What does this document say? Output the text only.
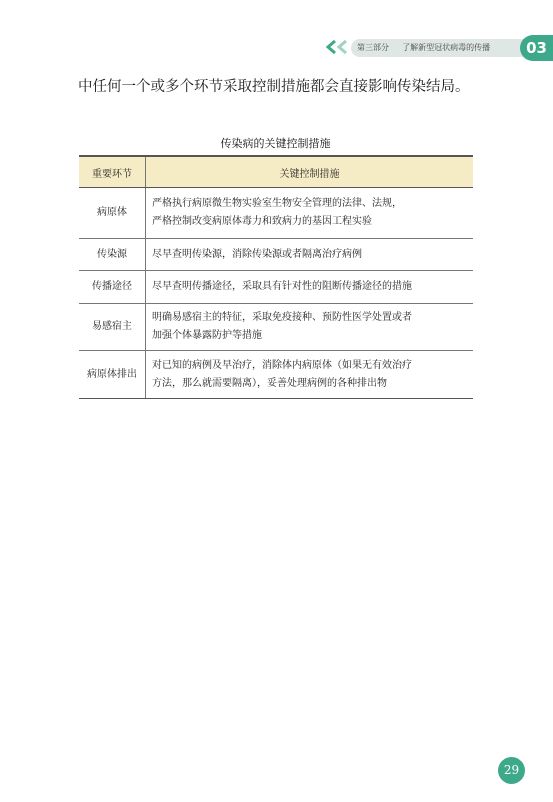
第三部分 了解新型冠状病毒的传播	03
中任何一个或多个环节采取控制措施都会直接影响传染结局。
传染病的关键控制措施
重要环节	关键控制措施
病原体	严格执行病原微生物实验室生物安全管理的法律、法规，
严格控制改变病原体毒力和致病力的基因工程实验

传染源	尽早查明传染源，消除传染源或者隔离治疗病例

传播途径	尽早查明传播途径，采取具有针对性的阻断传播途径的措施

易感宿主	明确易感宿主的特征，采取免疫接种、预防性医学处置或者
加强个体暴露防护等措施

病原体排出	对已知的病例及早治疗，消除体内病原体（如果无有效治疗
方法，那么就需要隔离），妥善处理病例的各种排出物
29
